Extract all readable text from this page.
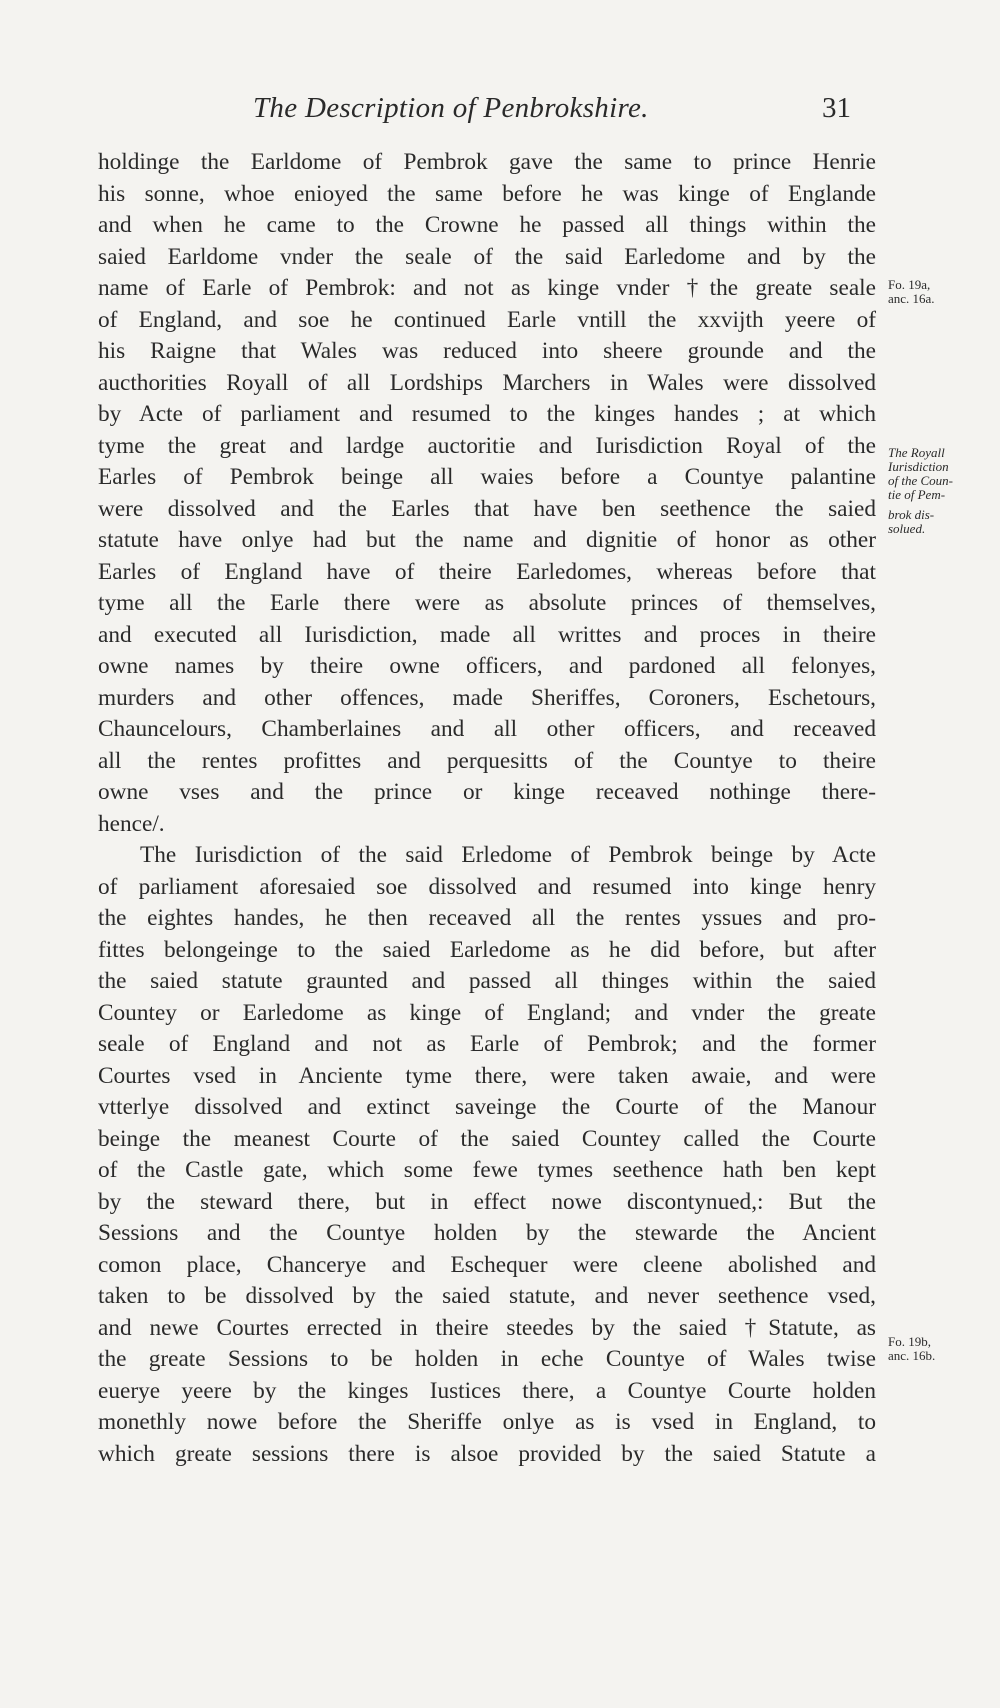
The Description of Penbrokshire.	31
holdinge the Earldome of Pembrok gave the same to prince Henrie
his sonne, whoe enioyed the same before he was kinge of Englande
and when he came to the Crowne he passed all things within the
saied Earldome vnder the seale of the said Earledome and by the
name of Earle of Pembrok: and not as kinge vnder †the greate seale
of England, and soe he continued Earle vntill the xxvijth yeere of
his Raigne that Wales was reduced into sheere grounde and the
aucthorities Royall of all Lordships Marchers in Wales were dissolved
by Acte of parliament and resumed to the kinges handes ; at which
tyme the great and lardge auctoritie and Iurisdiction Royal of the
Earles of Pembrok beinge all waies before a Countye palantine
were dissolved and the Earles that have ben seethence the saied
statute have onlye had but the name and dignitie of honor as other
Earles of England have of theire Earledomes, whereas before that
tyme all the Earle there were as absolute princes of themselves,
and executed all Iurisdiction, made all writtes and proces in theire
owne names by theire owne officers, and pardoned all felonyes,
murders and other offences, made Sheriffes, Coroners, Eschetours,
Chauncelours, Chamberlaines and all other officers, and receaved
all the rentes profittes and perquesitts of the Countye to theire
owne vses and the prince or kinge receaved nothinge there-
hence/.
The Iurisdiction of the said Erledome of Pembrok beinge by Acte
of parliament aforesaied soe dissolved and resumed into kinge henry
the eightes handes, he then receaved all the rentes yssues and pro-
fittes belongeinge to the saied Earledome as he did before, but after
the saied statute graunted and passed all thinges within the saied
Countey or Earledome as kinge of England; and vnder the greate
seale of England and not as Earle of Pembrok; and the former
Courtes vsed in Anciente tyme there, were taken awaie, and were
vtterlye dissolved and extinct saveinge the Courte of the Manour
beinge the meanest Courte of the saied Countey called the Courte
of the Castle gate, which some fewe tymes seethence hath ben kept
by the steward there, but in effect nowe discontynued,: But the
Sessions and the Countye holden by the stewarde the Ancient
comon place, Chancerye and Eschequer were cleene abolished and
taken to be dissolved by the saied statute, and never seethence vsed,
and newe Courtes errected in theire steedes by the saied †Statute, as
the greate Sessions to be holden in eche Countye of Wales twise
euerye yeere by the kinges Iustices there, a Countye Courte holden
monethly nowe before the Sheriffe onlye as is vsed in England, to
which greate sessions there is alsoe provided by the saied Statute a
Fo. 19a,
anc. 16a.
The Royall
Iurisdiction
of the Coun-
tie of Pem-
brok dis-
solued.
Fo. 19b,
anc. 16b.
